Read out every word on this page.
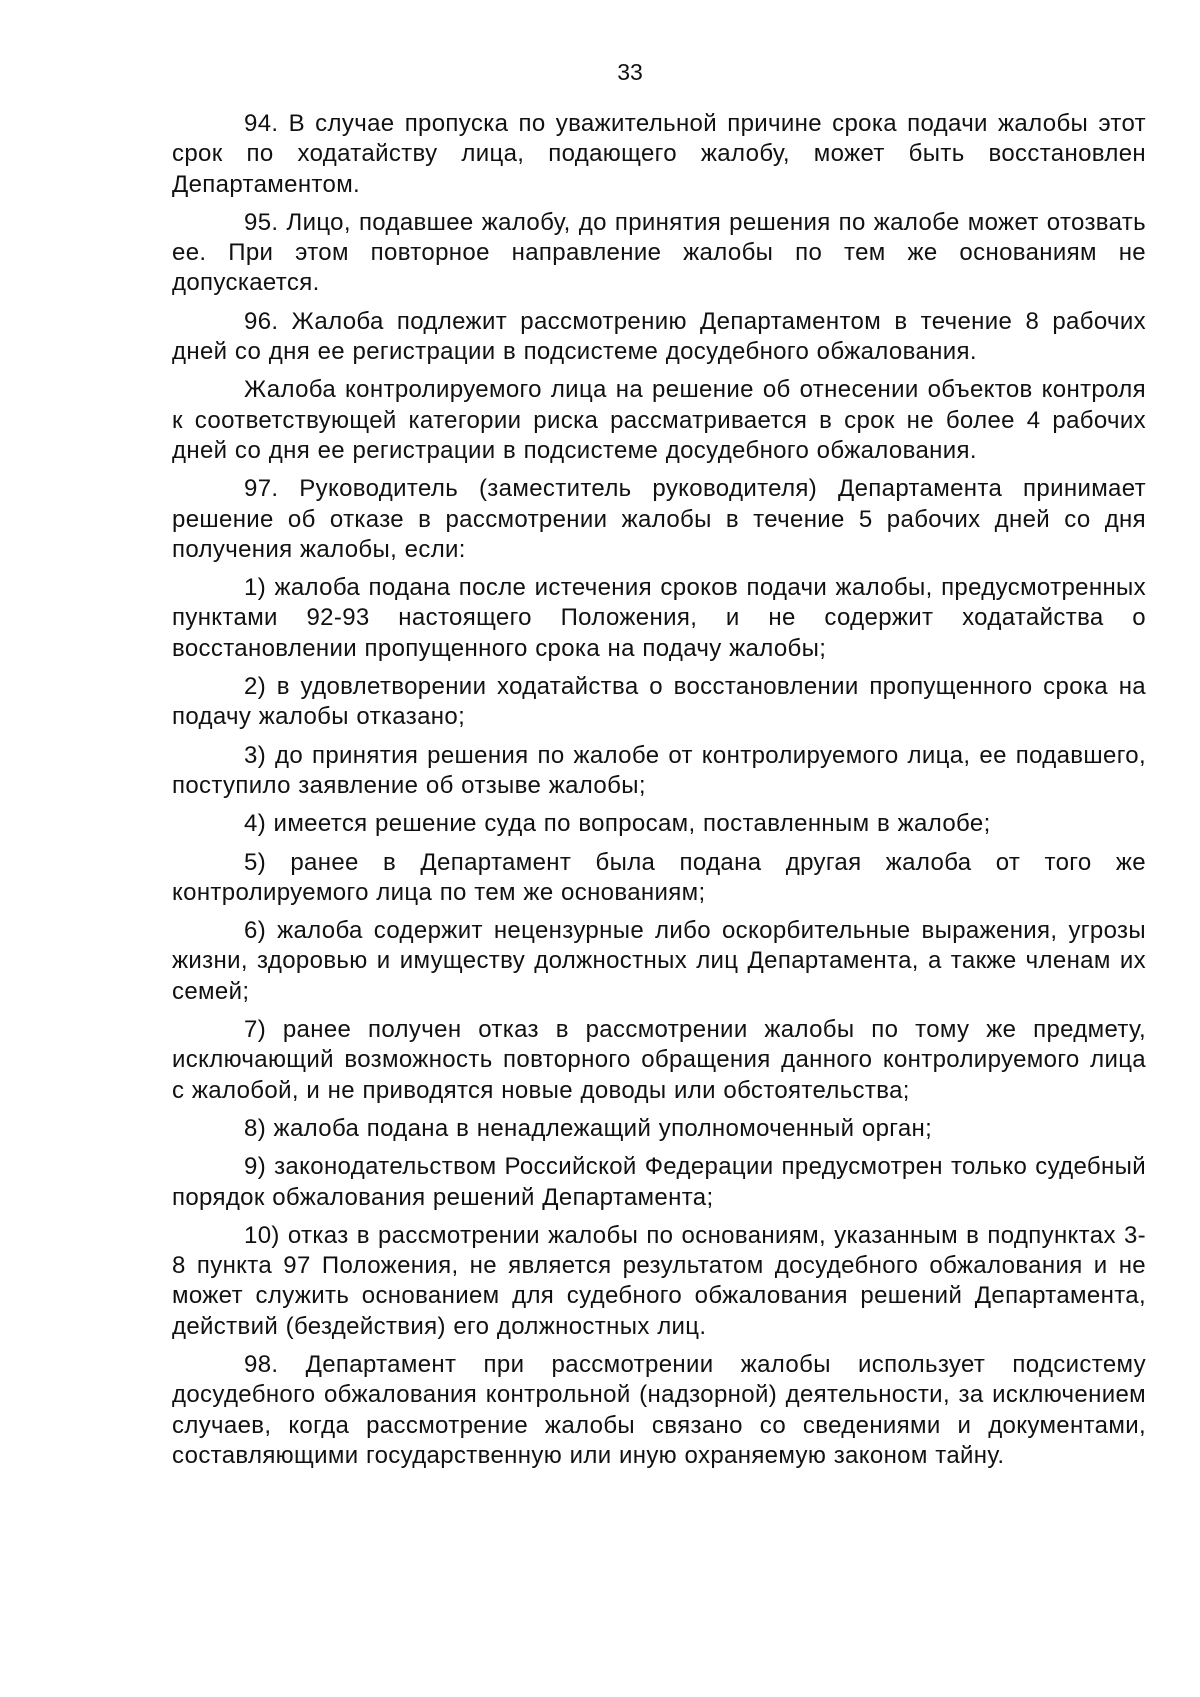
33

94. В случае пропуска по уважительной причине срока подачи жалобы этот срок по ходатайству лица, подающего жалобу, может быть восстановлен Департаментом.

95. Лицо, подавшее жалобу, до принятия решения по жалобе может отозвать ее. При этом повторное направление жалобы по тем же основаниям не допускается.

96. Жалоба подлежит рассмотрению Департаментом в течение 8 рабочих дней со дня ее регистрации в подсистеме досудебного обжалования.

Жалоба контролируемого лица на решение об отнесении объектов контроля к соответствующей категории риска рассматривается в срок не более 4 рабочих дней со дня ее регистрации в подсистеме досудебного обжалования.

97. Руководитель (заместитель руководителя) Департамента принимает решение об отказе в рассмотрении жалобы в течение 5 рабочих дней со дня получения жалобы, если:

1) жалоба подана после истечения сроков подачи жалобы, предусмотренных пунктами 92-93 настоящего Положения, и не содержит ходатайства о восстановлении пропущенного срока на подачу жалобы;

2) в удовлетворении ходатайства о восстановлении пропущенного срока на подачу жалобы отказано;

3) до принятия решения по жалобе от контролируемого лица, ее подавшего, поступило заявление об отзыве жалобы;

4) имеется решение суда по вопросам, поставленным в жалобе;

5) ранее в Департамент была подана другая жалоба от того же контролируемого лица по тем же основаниям;

6) жалоба содержит нецензурные либо оскорбительные выражения, угрозы жизни, здоровью и имуществу должностных лиц Департамента, а также членам их семей;

7) ранее получен отказ в рассмотрении жалобы по тому же предмету, исключающий возможность повторного обращения данного контролируемого лица с жалобой, и не приводятся новые доводы или обстоятельства;

8) жалоба подана в ненадлежащий уполномоченный орган;

9) законодательством Российской Федерации предусмотрен только судебный порядок обжалования решений Департамента;

10) отказ в рассмотрении жалобы по основаниям, указанным в подпунктах 3-8 пункта 97 Положения, не является результатом досудебного обжалования и не может служить основанием для судебного обжалования решений Департамента, действий (бездействия) его должностных лиц.

98. Департамент при рассмотрении жалобы использует подсистему досудебного обжалования контрольной (надзорной) деятельности, за исключением случаев, когда рассмотрение жалобы связано со сведениями и документами, составляющими государственную или иную охраняемую законом тайну.
